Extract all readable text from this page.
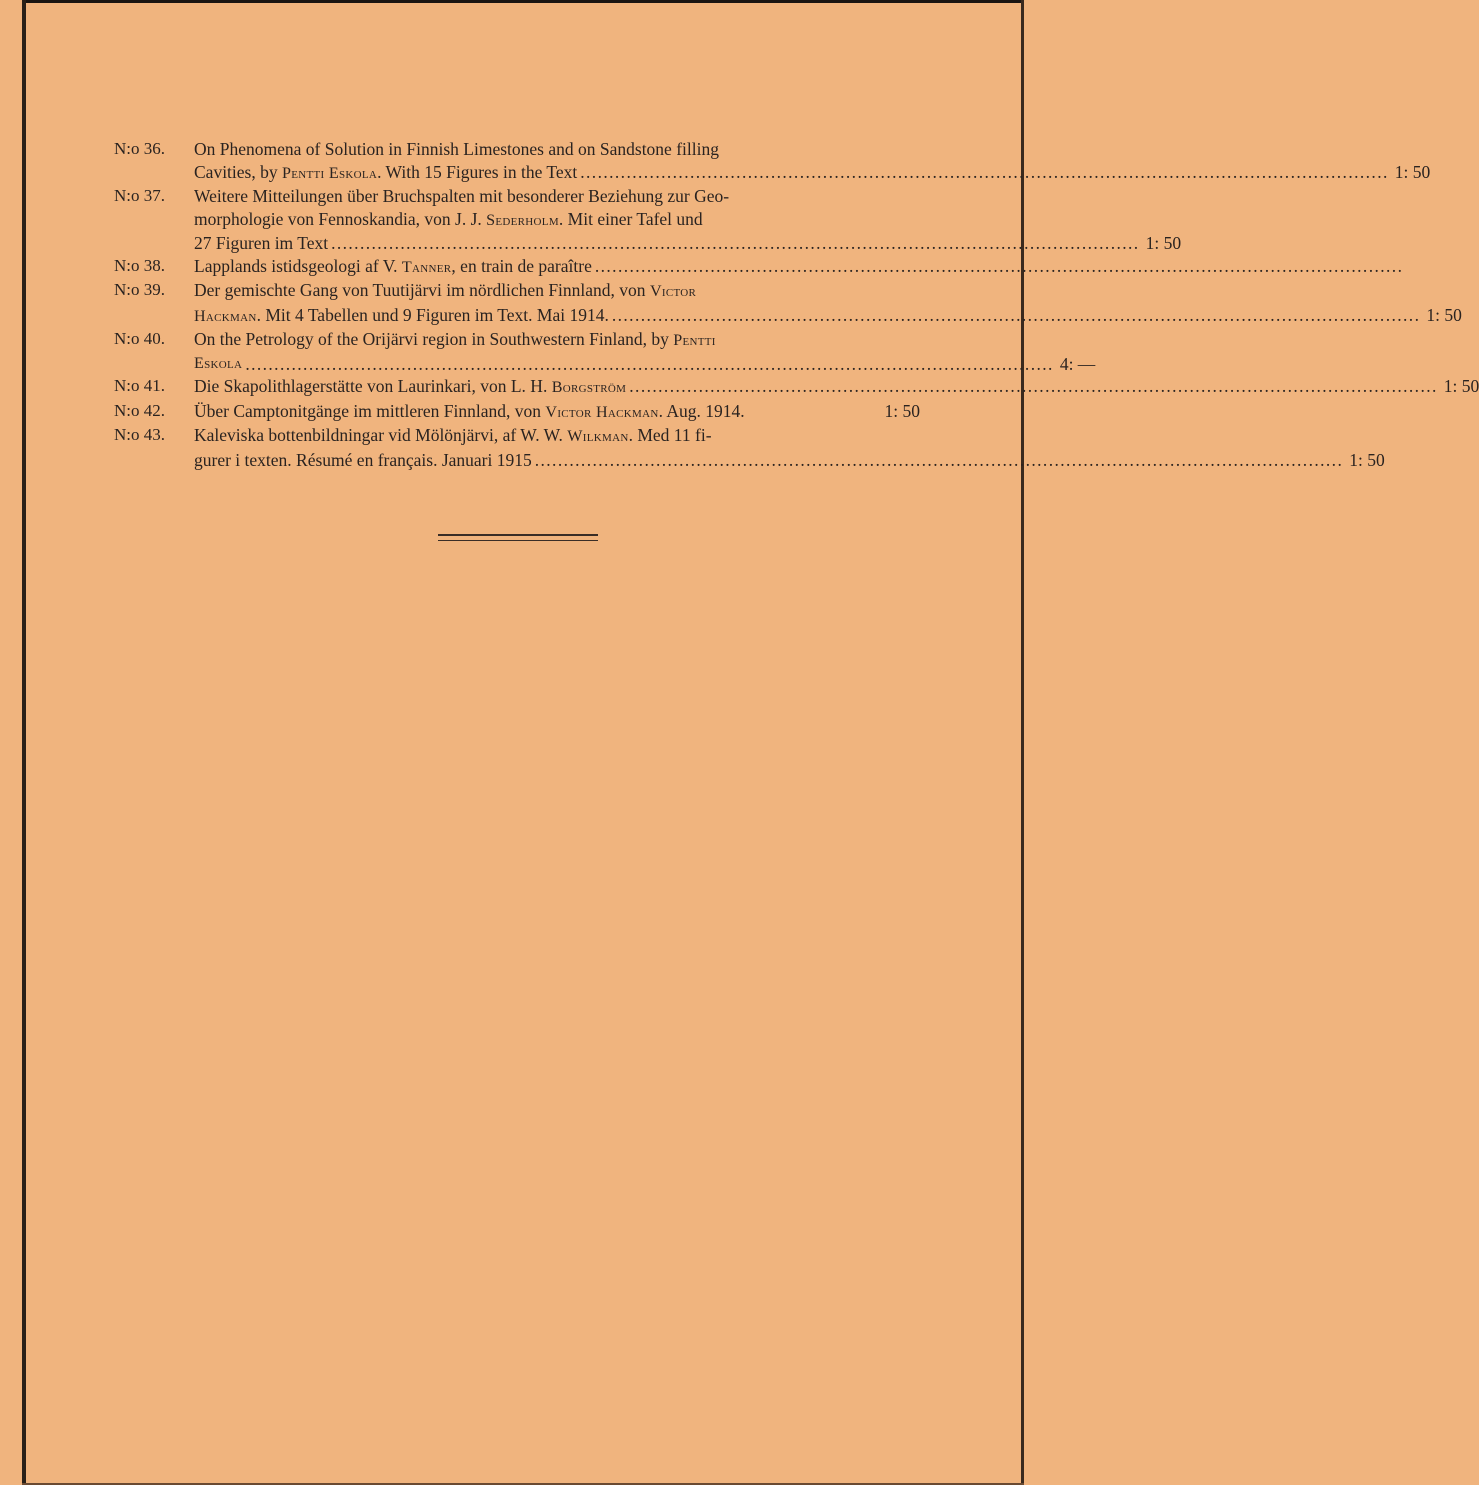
N:o 36.	On Phenomena of Solution in Finnish Limestones and on Sandstone filling
Cavities, by Pentti Eskola. With 15 Figures in the Text .....	1: 50
N:o 37.	Weitere Mitteilungen über Bruchspalten mit besonderer Beziehung zur Geo-
morphologie von Fennoskandia, von J. J. Sederholm. Mit einer Tafel und
27 Figuren im Text .....	1: 50
N:o 38.	Lapplands istidsgeologi af V. Tanner, en train de paraître
.....
N:o 39.	Der gemischte Gang von Tuutijärvi im nördlichen Finnland, von Victor
Hackman. Mit 4 Tabellen und 9 Figuren im Text. Mai 1914. .....	1: 50
N:o 40.	On the Petrology of the Orijärvi region in Southwestern Finland, by Pentti
Eskola .....	4: —
N:o 41.	Die Skapolithlagerstätte von Laurinkari, von L. H. Borgström .....	1: 50
N:o 42.	Über Camptonitgänge im mittleren Finnland, von Victor Hackman. Aug. 1914.	1: 50
N:o 43.	Kaleviska bottenbildningar vid Mölönjärvi, af W. W. Wilkman. Med 11 fi-
gurer i texten. Résumé en français. Januari 1915 .....	1: 50
